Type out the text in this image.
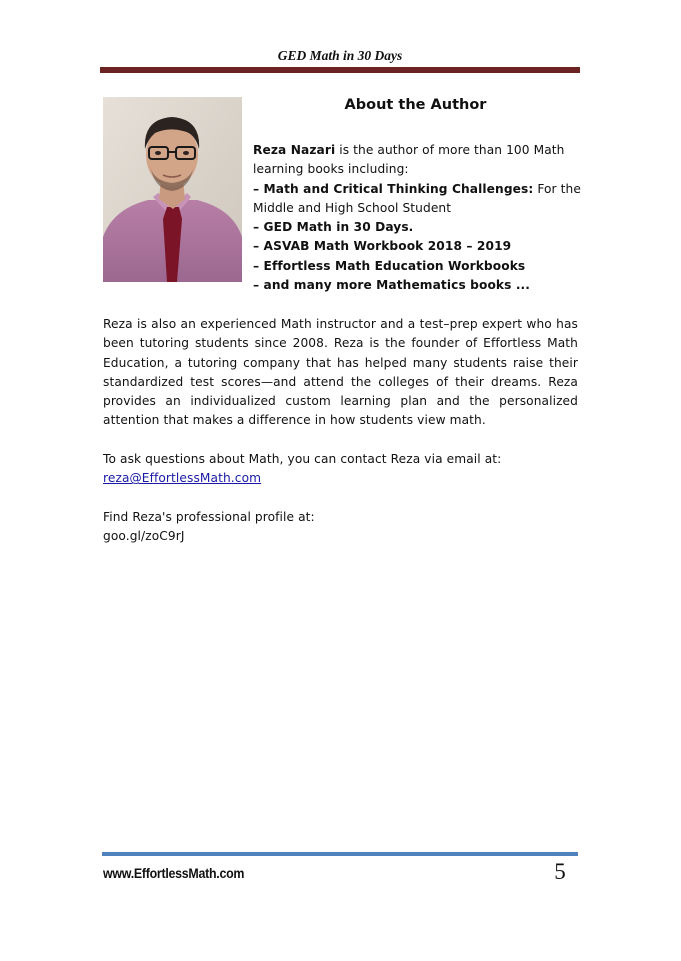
GED Math in 30 Days
About the Author
Reza Nazari is the author of more than 100 Math
learning books including:
– Math and Critical Thinking Challenges: For the
Middle and High School Student
– GED Math in 30 Days.
– ASVAB Math Workbook 2018 – 2019
– Effortless Math Education Workbooks
– and many more Mathematics books ...
Reza is also an experienced Math instructor and a test–prep expert who has been tutoring students since 2008. Reza is the founder of Effortless Math Education, a tutoring company that has helped many students raise their standardized test scores—and attend the colleges of their dreams. Reza provides an individualized custom learning plan and the personalized attention that makes a difference in how students view math.
To ask questions about Math, you can contact Reza via email at:
reza@EffortlessMath.com
Find Reza's professional profile at:
goo.gl/zoC9rJ
www.EffortlessMath.com	5
